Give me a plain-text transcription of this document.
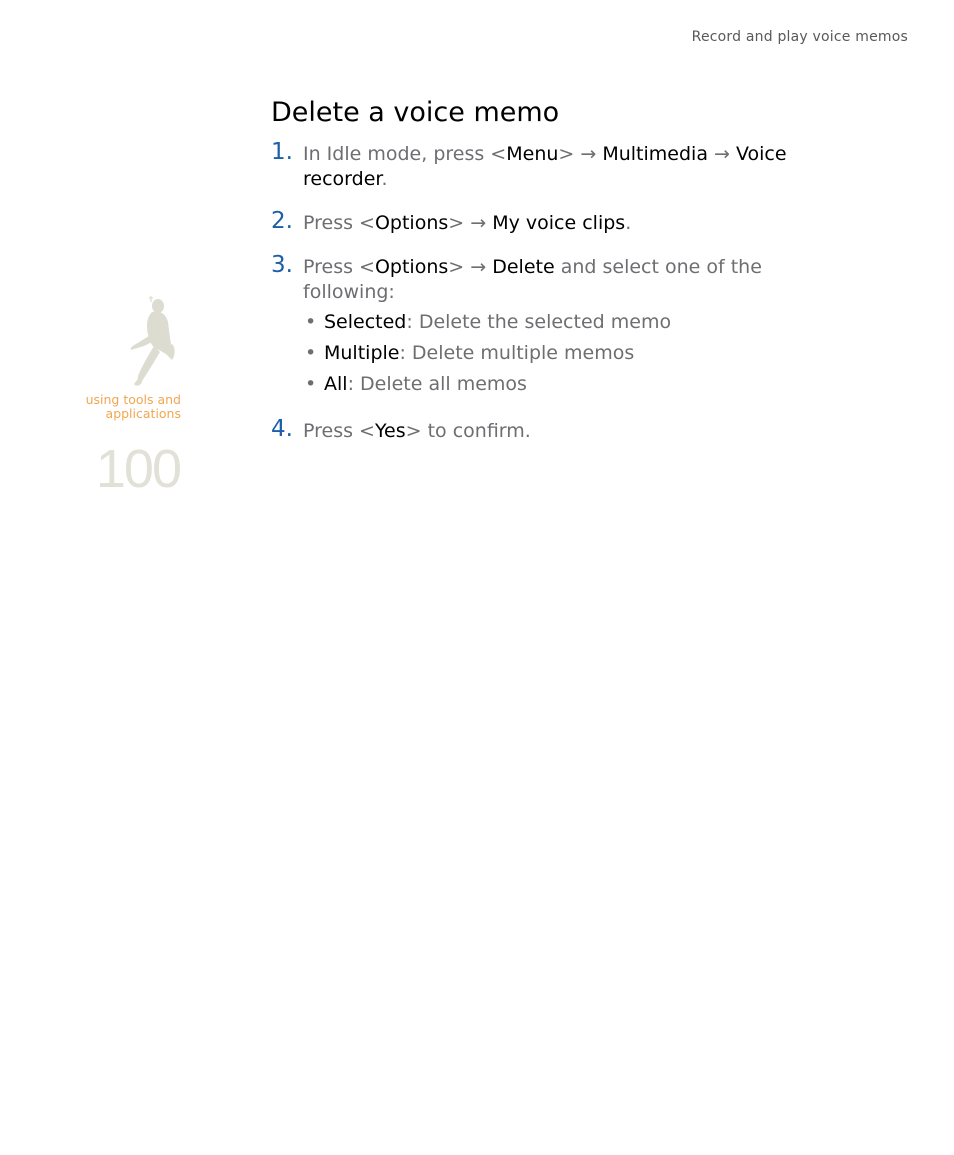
Record and play voice memos
using tools and
applications
100
Delete a voice memo
1. In Idle mode, press <Menu> → Multimedia → Voice recorder.
2. Press <Options> → My voice clips.
3. Press <Options> → Delete and select one of the following:
• Selected: Delete the selected memo
• Multiple: Delete multiple memos
• All: Delete all memos
4. Press <Yes> to confirm.
